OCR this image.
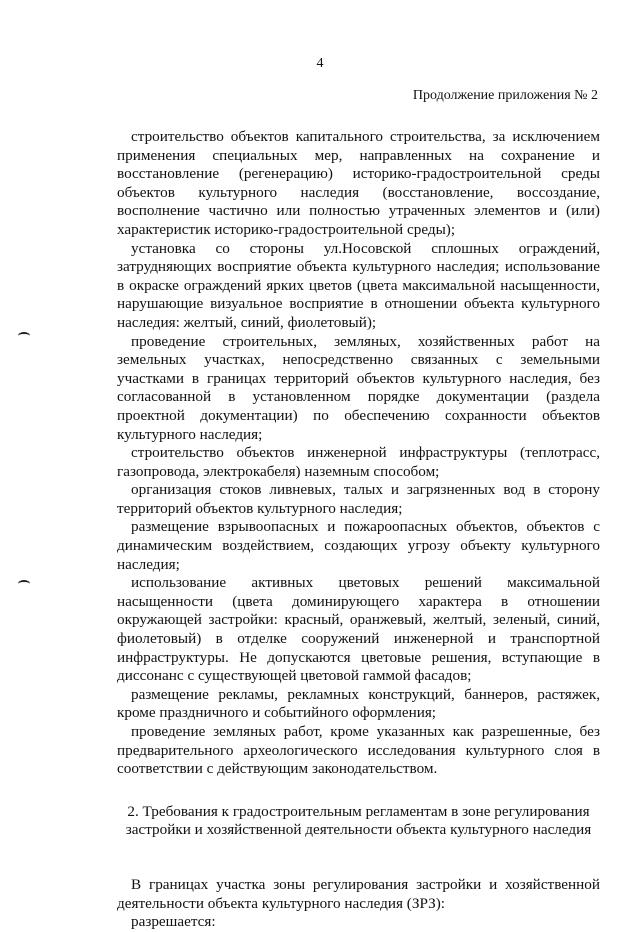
4
Продолжение приложения № 2

строительство объектов капитального строительства, за исключением применения специальных мер, направленных на сохранение и восстановление (регенерацию) историко-градостроительной среды объектов культурного наследия (восстановление, воссоздание, восполнение частично или полностью утраченных элементов и (или) характеристик историко-градостроительной среды);

установка со стороны ул.Носовской сплошных ограждений, затрудняющих восприятие объекта культурного наследия; использование в окраске ограждений ярких цветов (цвета максимальной насыщенности, нарушающие визуальное восприятие в отношении объекта культурного наследия: желтый, синий, фиолетовый);

проведение строительных, земляных, хозяйственных работ на земельных участках, непосредственно связанных с земельными участками в границах территорий объектов культурного наследия, без согласованной в установленном порядке документации (раздела проектной документации) по обеспечению сохранности объектов культурного наследия;

строительство объектов инженерной инфраструктуры (теплотрасс, газопровода, электрокабеля) наземным способом;

организация стоков ливневых, талых и загрязненных вод в сторону территорий объектов культурного наследия;

размещение взрывоопасных и пожароопасных объектов, объектов с динамическим воздействием, создающих угрозу объекту культурного наследия;

использование активных цветовых решений максимальной насыщенности (цвета доминирующего характера в отношении окружающей застройки: красный, оранжевый, желтый, зеленый, синий, фиолетовый) в отделке сооружений инженерной и транспортной инфраструктуры. Не допускаются цветовые решения, вступающие в диссонанс с существующей цветовой гаммой фасадов;

размещение рекламы, рекламных конструкций, баннеров, растяжек, кроме праздничного и событийного оформления;

проведение земляных работ, кроме указанных как разрешенные, без предварительного археологического исследования культурного слоя в соответствии с действующим законодательством.

2. Требования к градостроительным регламентам в зоне регулирования
застройки и хозяйственной деятельности объекта культурного наследия

В границах участка зоны регулирования застройки и хозяйственной деятельности объекта культурного наследия (ЗРЗ):

разрешается:
